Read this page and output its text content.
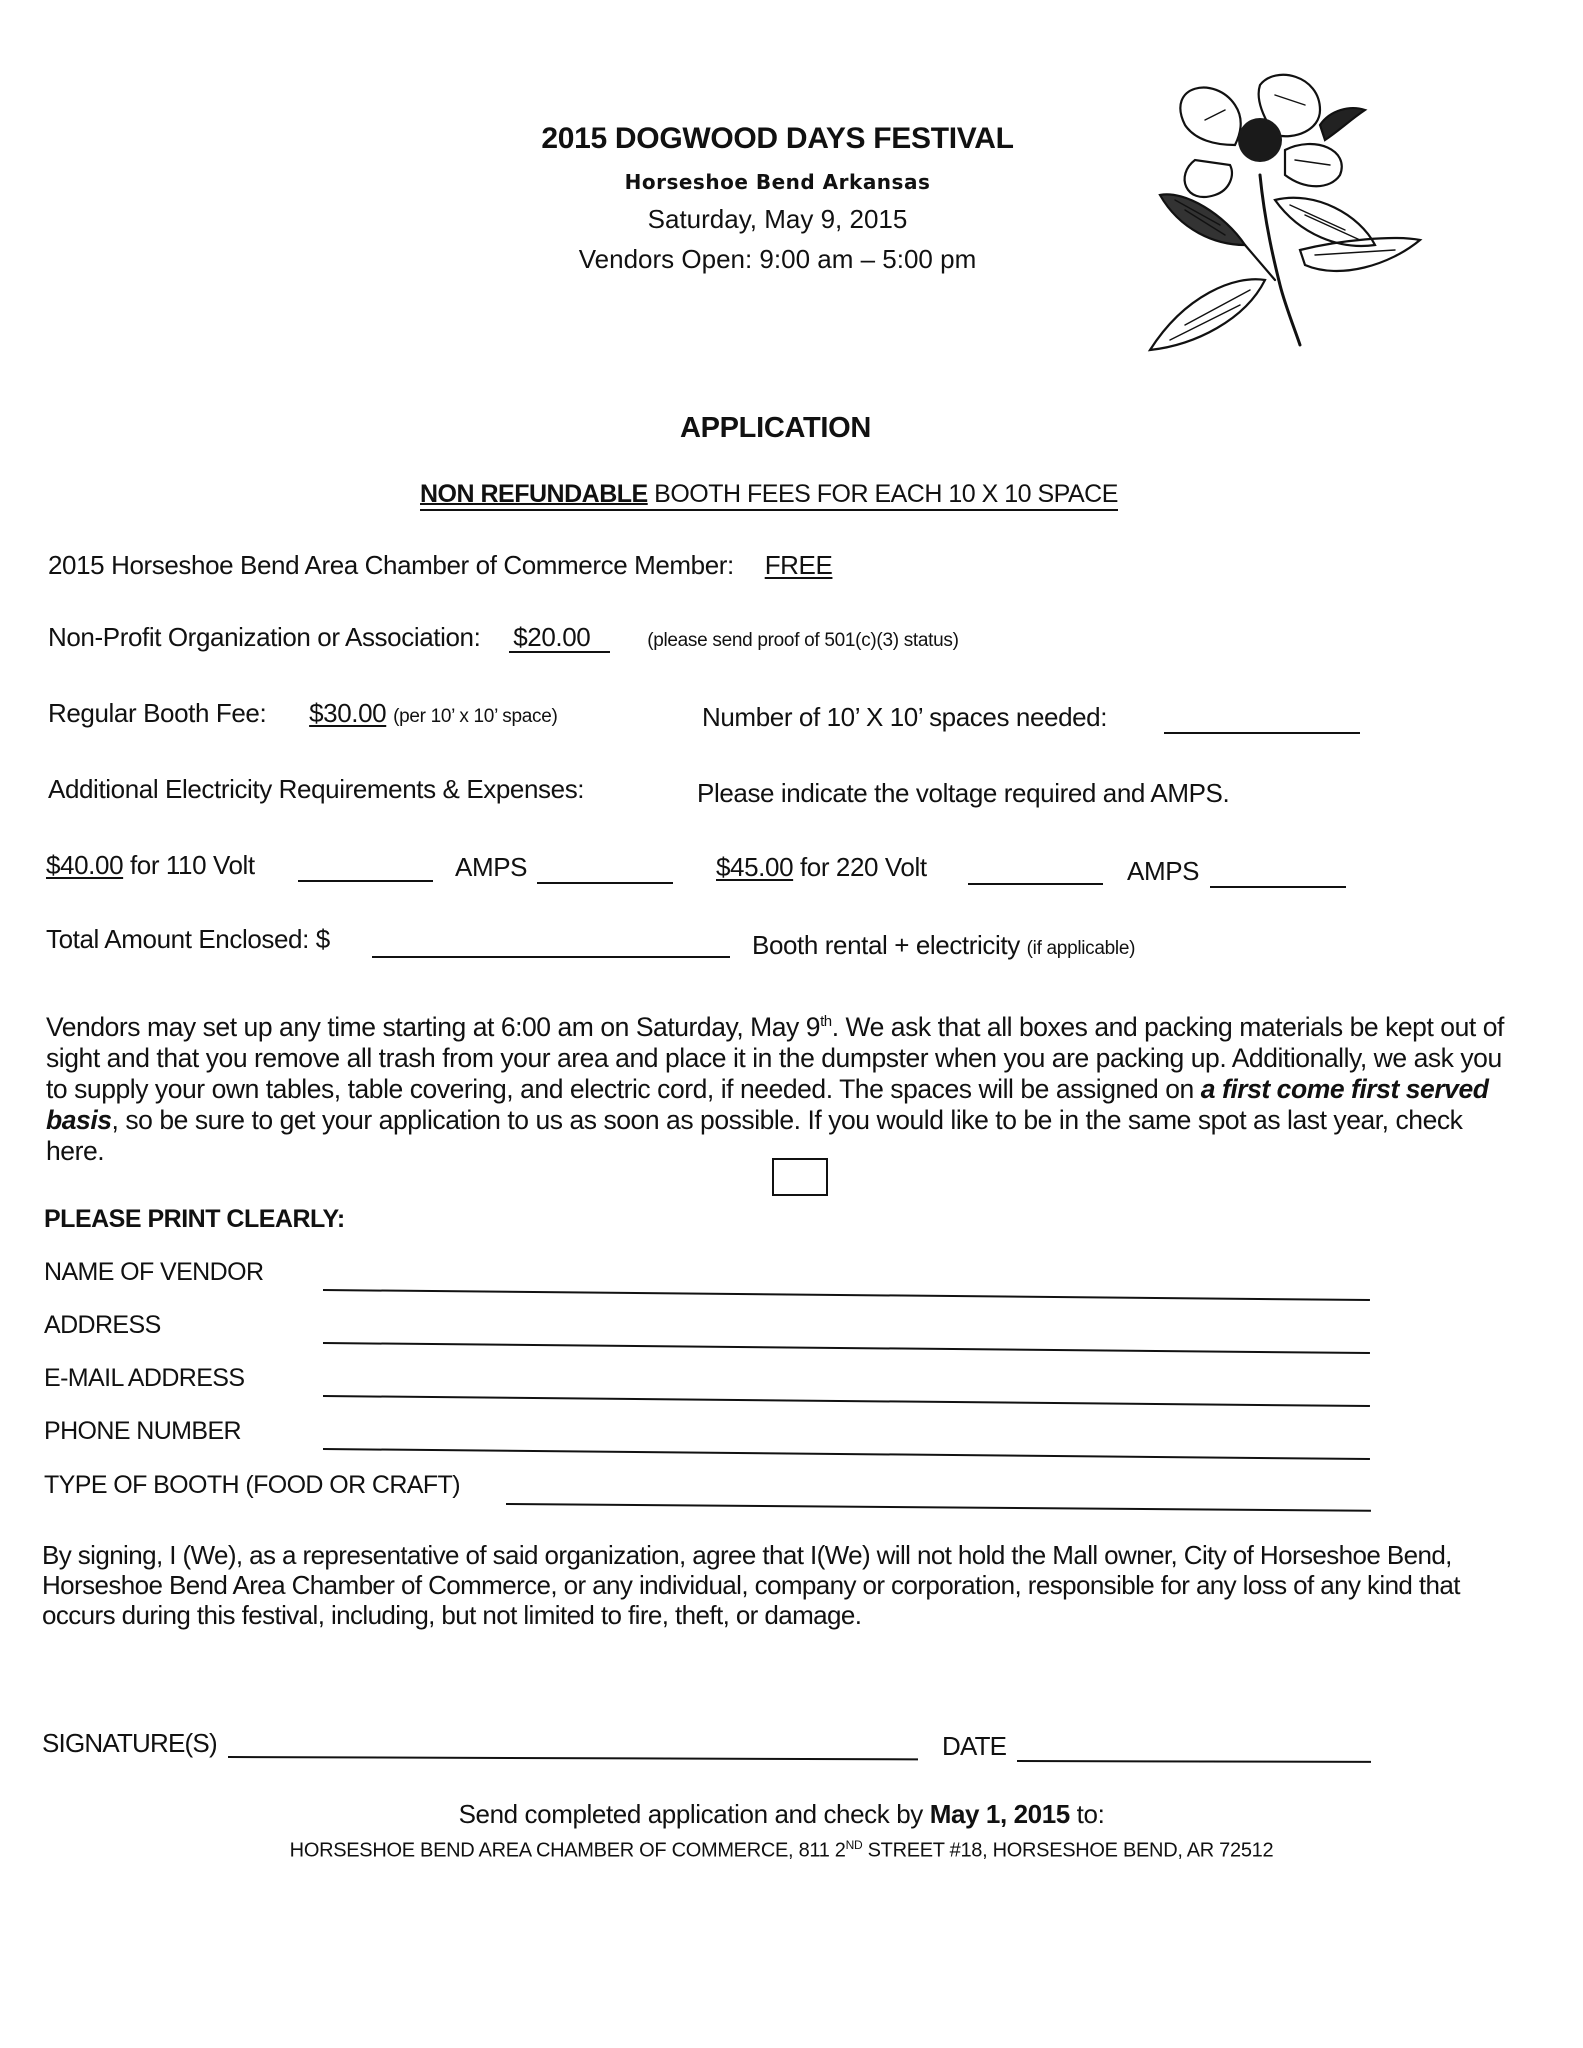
2015 DOGWOOD DAYS FESTIVAL
Horseshoe Bend Arkansas
Saturday, May 9, 2015
Vendors Open: 9:00 am – 5:00 pm
APPLICATION
NON REFUNDABLE BOOTH FEES FOR EACH 10 X 10 SPACE
2015 Horseshoe Bend Area Chamber of Commerce Member: FREE
Non-Profit Organization or Association: $20.00	(please send proof of 501(c)(3) status)
Regular Booth Fee: $30.00 (per 10’ x 10’ space)	Number of 10’ X 10’ spaces needed:
Additional Electricity Requirements & Expenses:	Please indicate the voltage required and AMPS.
$40.00 for 110 Volt	AMPS	$45.00 for 220 Volt	AMPS
Total Amount Enclosed: $	Booth rental + electricity (if applicable)
Vendors may set up any time starting at 6:00 am on Saturday, May 9th. We ask that all boxes and packing materials be kept out of sight and that you remove all trash from your area and place it in the dumpster when you are packing up. Additionally, we ask you to supply your own tables, table covering, and electric cord, if needed. The spaces will be assigned on a first come first served basis, so be sure to get your application to us as soon as possible. If you would like to be in the same spot as last year, check here.
PLEASE PRINT CLEARLY:
NAME OF VENDOR
ADDRESS
E-MAIL ADDRESS
PHONE NUMBER
TYPE OF BOOTH (FOOD OR CRAFT)
By signing, I (We), as a representative of said organization, agree that I(We) will not hold the Mall owner, City of Horseshoe Bend, Horseshoe Bend Area Chamber of Commerce, or any individual, company or corporation, responsible for any loss of any kind that occurs during this festival, including, but not limited to fire, theft, or damage.
SIGNATURE(S)	DATE
Send completed application and check by May 1, 2015 to:
HORSESHOE BEND AREA CHAMBER OF COMMERCE, 811 2ND STREET #18, HORSESHOE BEND, AR 72512
